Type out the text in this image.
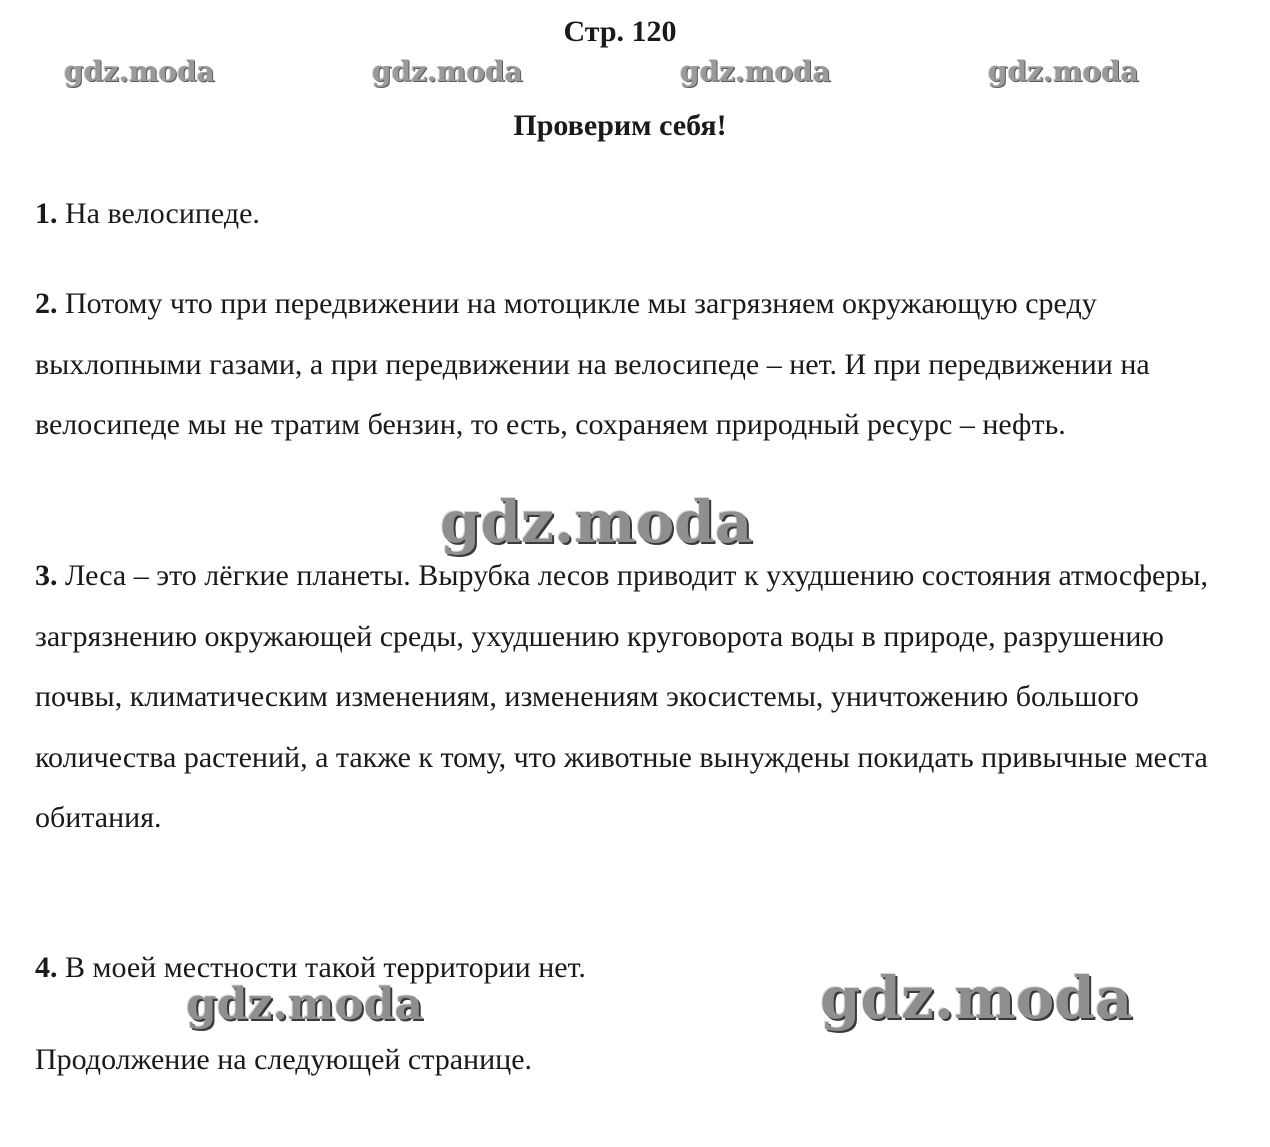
Стр. 120
gdz.moda	gdz.moda	gdz.moda	gdz.moda
Проверим себя!

1. На велосипеде.

2. Потому что при передвижении на мотоцикле мы загрязняем окружающую среду выхлопными газами, а при передвижении на велосипеде – нет. И при передвижении на велосипеде мы не тратим бензин, то есть, сохраняем природный ресурс – нефть.

gdz.moda

3. Леса – это лёгкие планеты. Вырубка лесов приводит к ухудшению состояния атмосферы, загрязнению окружающей среды, ухудшению круговорота воды в природе, разрушению почвы, климатическим изменениям, изменениям экосистемы, уничтожению большого количества растений, а также к тому, что животные вынуждены покидать привычные места обитания.

4. В моей местности такой территории нет.

gdz.moda	gdz.moda

Продолжение на следующей странице.
